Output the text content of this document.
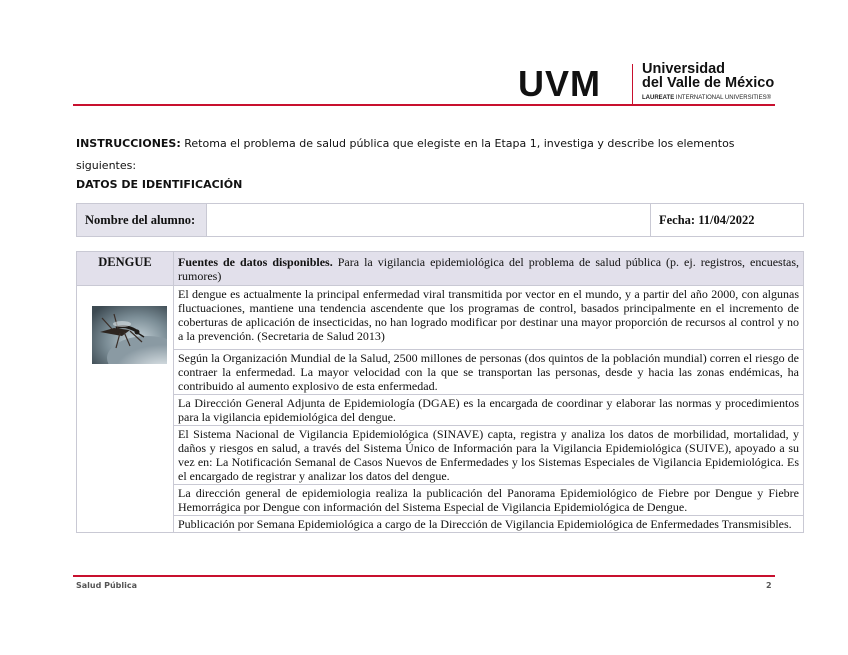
UVM	Universidad
del Valle de México
LAUREATE INTERNATIONAL UNIVERSITIES®
INSTRUCCIONES: Retoma el problema de salud pública que elegiste en la Etapa 1, investiga y describe los elementos siguientes:
DATOS DE IDENTIFICACIÓN
Nombre del alumno:	Fecha: 11/04/2022
DENGUE	Fuentes de datos disponibles. Para la vigilancia epidemiológica del problema de salud pública (p. ej. registros, encuestas, rumores)
El dengue es actualmente la principal enfermedad viral transmitida por vector en el mundo, y a partir del año 2000, con algunas fluctuaciones, mantiene una tendencia ascendente que los programas de control, basados principalmente en el incremento de coberturas de aplicación de insecticidas, no han logrado modificar por destinar una mayor proporción de recursos al control y no a la prevención. (Secretaria de Salud 2013)
Según la Organización Mundial de la Salud, 2500 millones de personas (dos quintos de la población mundial) corren el riesgo de contraer la enfermedad. La mayor velocidad con la que se transportan las personas, desde y hacia las zonas endémicas, ha contribuido al aumento explosivo de esta enfermedad.
La Dirección General Adjunta de Epidemiología (DGAE) es la encargada de coordinar y elaborar las normas y procedimientos para la vigilancia epidemiológica del dengue.
El Sistema Nacional de Vigilancia Epidemiológica (SINAVE) capta, registra y analiza los datos de morbilidad, mortalidad, y daños y riesgos en salud, a través del Sistema Único de Información para la Vigilancia Epidemiológica (SUIVE), apoyado a su vez en: La Notificación Semanal de Casos Nuevos de Enfermedades y los Sistemas Especiales de Vigilancia Epidemiológica. Es el encargado de registrar y analizar los datos del dengue.
La dirección general de epidemiologia realiza la publicación del Panorama Epidemiológico de Fiebre por Dengue y Fiebre Hemorrágica por Dengue con información del Sistema Especial de Vigilancia Epidemiológica de Dengue.
Publicación por Semana Epidemiológica a cargo de la Dirección de Vigilancia Epidemiológica de Enfermedades Transmisibles.
Salud Pública	2
